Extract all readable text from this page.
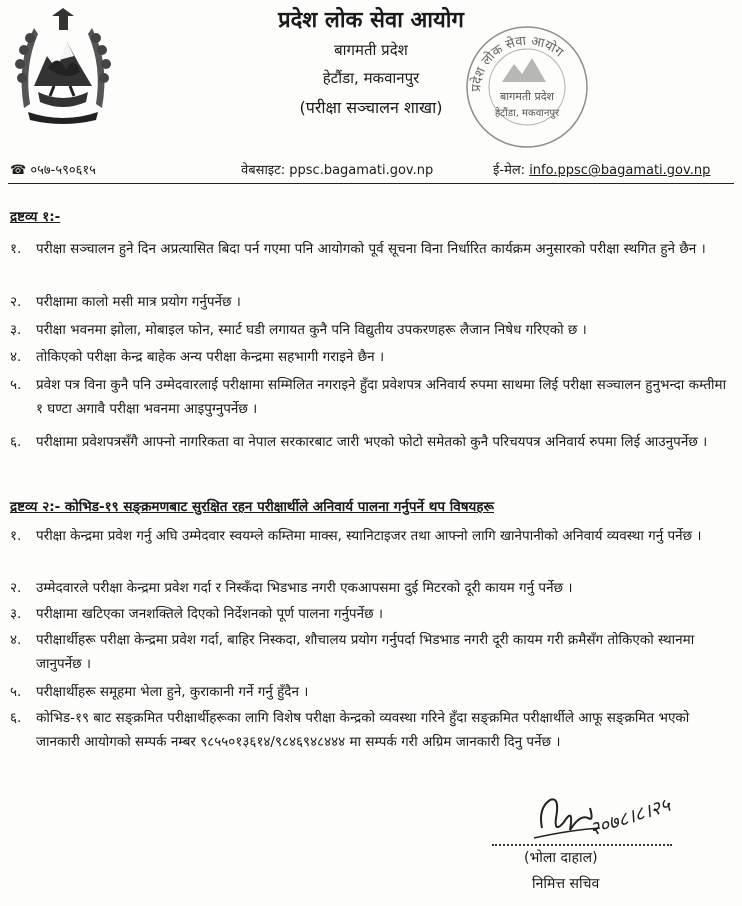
प्रदेश लोक सेवा आयोग
बागमती प्रदेश
हेटौंडा, मकवानपुर
(परीक्षा सञ्चालन शाखा)
प्रदेश लोक सेवा आयोग
बागमती प्रदेश
हेटौंडा, मकवानपुर
☎ ०५७-५९०६१५	वेबसाइट: ppsc.bagamati.gov.np	ई-मेल: info.ppsc@bagamati.gov.np
द्रष्टव्य १:-
१.	परीक्षा सञ्चालन हुने दिन अप्रत्यासित बिदा पर्न गएमा पनि आयोगको पूर्व सूचना विना निर्धारित कार्यक्रम अनुसारको परीक्षा स्थगित हुने छैन ।
२.	परीक्षामा कालो मसी मात्र प्रयोग गर्नुपर्नेछ ।
३.	परीक्षा भवनमा झोला, मोबाइल फोन, स्मार्ट घडी लगायत कुनै पनि विद्युतीय उपकरणहरू लैजान निषेध गरिएको छ ।
४.	तोकिएको परीक्षा केन्द्र बाहेक अन्य परीक्षा केन्द्रमा सहभागी गराइने छैन ।
५.	प्रवेश पत्र विना कुनै पनि उम्मेदवारलाई परीक्षामा सम्मिलित नगराइने हुँदा प्रवेशपत्र अनिवार्य रुपमा साथमा लिई परीक्षा सञ्चालन हुनुभन्दा कम्तीमा १ घण्टा अगावै परीक्षा भवनमा आइपुग्नुपर्नेछ ।
६.	परीक्षामा प्रवेशपत्रसँगै आफ्नो नागरिकता वा नेपाल सरकारबाट जारी भएको फोटो समेतको कुनै परिचयपत्र अनिवार्य रुपमा लिई आउनुपर्नेछ ।
द्रष्टव्य २:- कोभिड-१९ सङ्क्रमणबाट सुरक्षित रहन परीक्षार्थीले अनिवार्य पालना गर्नुपर्ने थप विषयहरू
१.	परीक्षा केन्द्रमा प्रवेश गर्नु अघि उम्मेदवार स्वयम्ले कम्तिमा माक्स, स्यानिटाइजर तथा आफ्नो लागि खानेपानीको अनिवार्य व्यवस्था गर्नु पर्नेछ ।
२.	उम्मेदवारले परीक्षा केन्द्रमा प्रवेश गर्दा र निस्कँदा भिडभाड नगरी एकआपसमा दुई मिटरको दूरी कायम गर्नु पर्नेछ ।
३.	परीक्षामा खटिएका जनशक्तिले दिएको निर्देशनको पूर्ण पालना गर्नुपर्नेछ ।
४.	परीक्षार्थीहरू परीक्षा केन्द्रमा प्रवेश गर्दा, बाहिर निस्कदा, शौचालय प्रयोग गर्नुपर्दा भिडभाड नगरी दूरी कायम गरी क्रमैसँग तोकिएको स्थानमा जानुपर्नेछ ।
५.	परीक्षार्थीहरू समूहमा भेला हुने, कुराकानी गर्ने गर्नु हुँदैन ।
६.	कोभिड-१९ बाट सङ्क्रमित परीक्षार्थीहरूका लागि विशेष परीक्षा केन्द्रको व्यवस्था गरिने हुँदा सङ्क्रमित परीक्षार्थीले आफू सङ्क्रमित भएको जानकारी आयोगको सम्पर्क नम्बर ९८५५०१३६१४/९८४६९४८४४४ मा सम्पर्क गरी अग्रिम जानकारी दिनु पर्नेछ ।
२०७८।८।२५
(भोला दाहाल)
निमित्त सचिव
